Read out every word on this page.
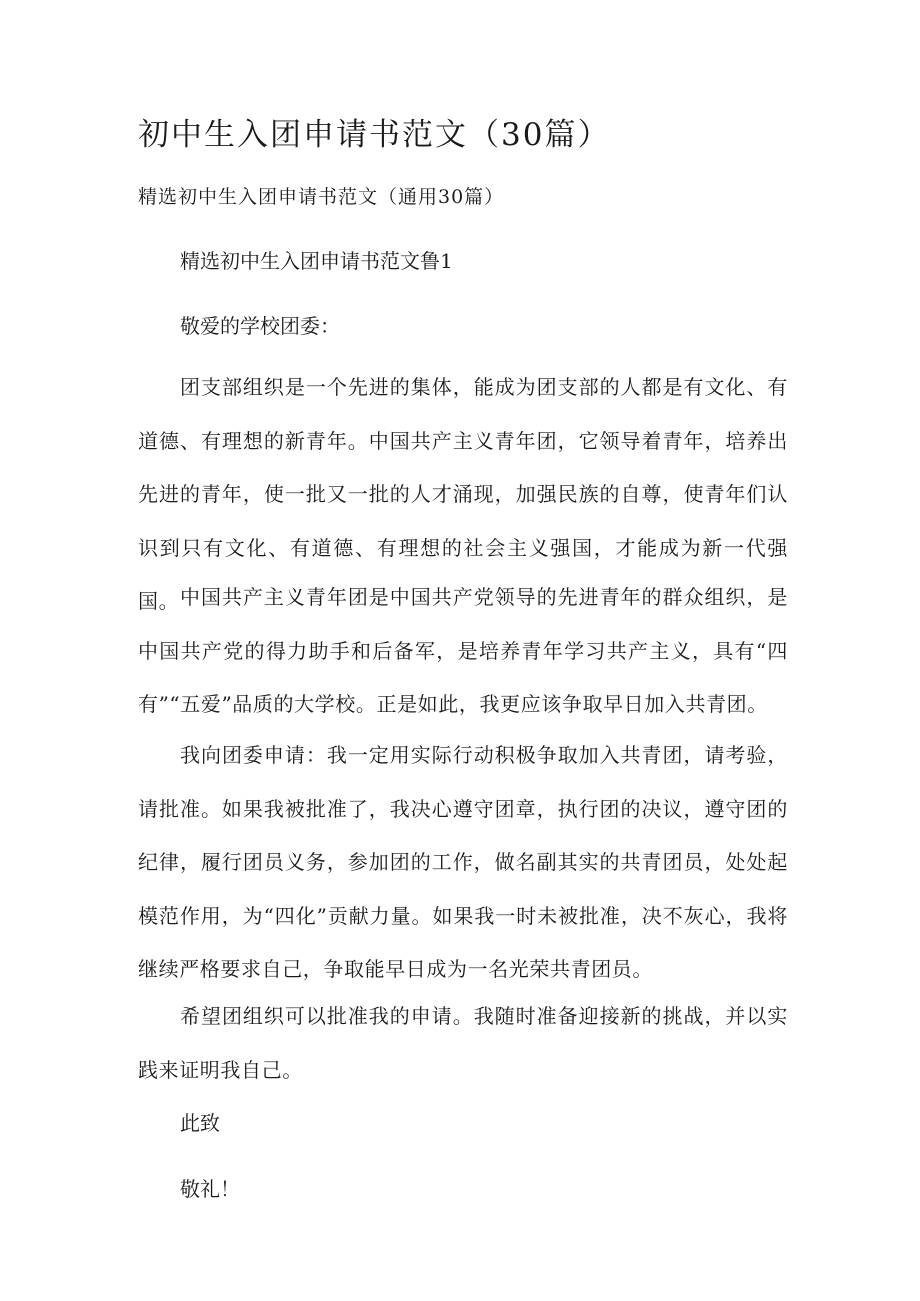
初中生入团申请书范文（30篇）

精选初中生入团申请书范文（通用30篇）

精选初中生入团申请书范文鲁1

敬爱的学校团委：

团支部组织是一个先进的集体，能成为团支部的人都是有文化、有道德、有理想的新青年。中国共产主义青年团，它领导着青年，培养出先进的青年，使一批又一批的人才涌现，加强民族的自尊，使青年们认识到只有文化、有道德、有理想的社会主义强国，才能成为新一代强国。 中国共产主义青年团是中国共产党领导的先进青年的群众组织，是中国共产党的得力助手和后备军，是培养青年学习共产主义，具有“四有”“五爱”品质的大学校。正是如此，我更应该争取早日加入共青团。

我向团委申请：我一定用实际行动积极争取加入共青团，请考验，请批准。如果我被批准了，我决心遵守团章，执行团的决议，遵守团的纪律，履行团员义务，参加团的工作，做名副其实的共青团员，处处起模范作用，为“四化”贡献力量。如果我一时未被批准，决不灰心，我将继续严格要求自己，争取能早日成为一名光荣共青团员。

希望团组织可以批准我的申请。我随时准备迎接新的挑战，并以实践来证明我自己。

此致

敬礼！
